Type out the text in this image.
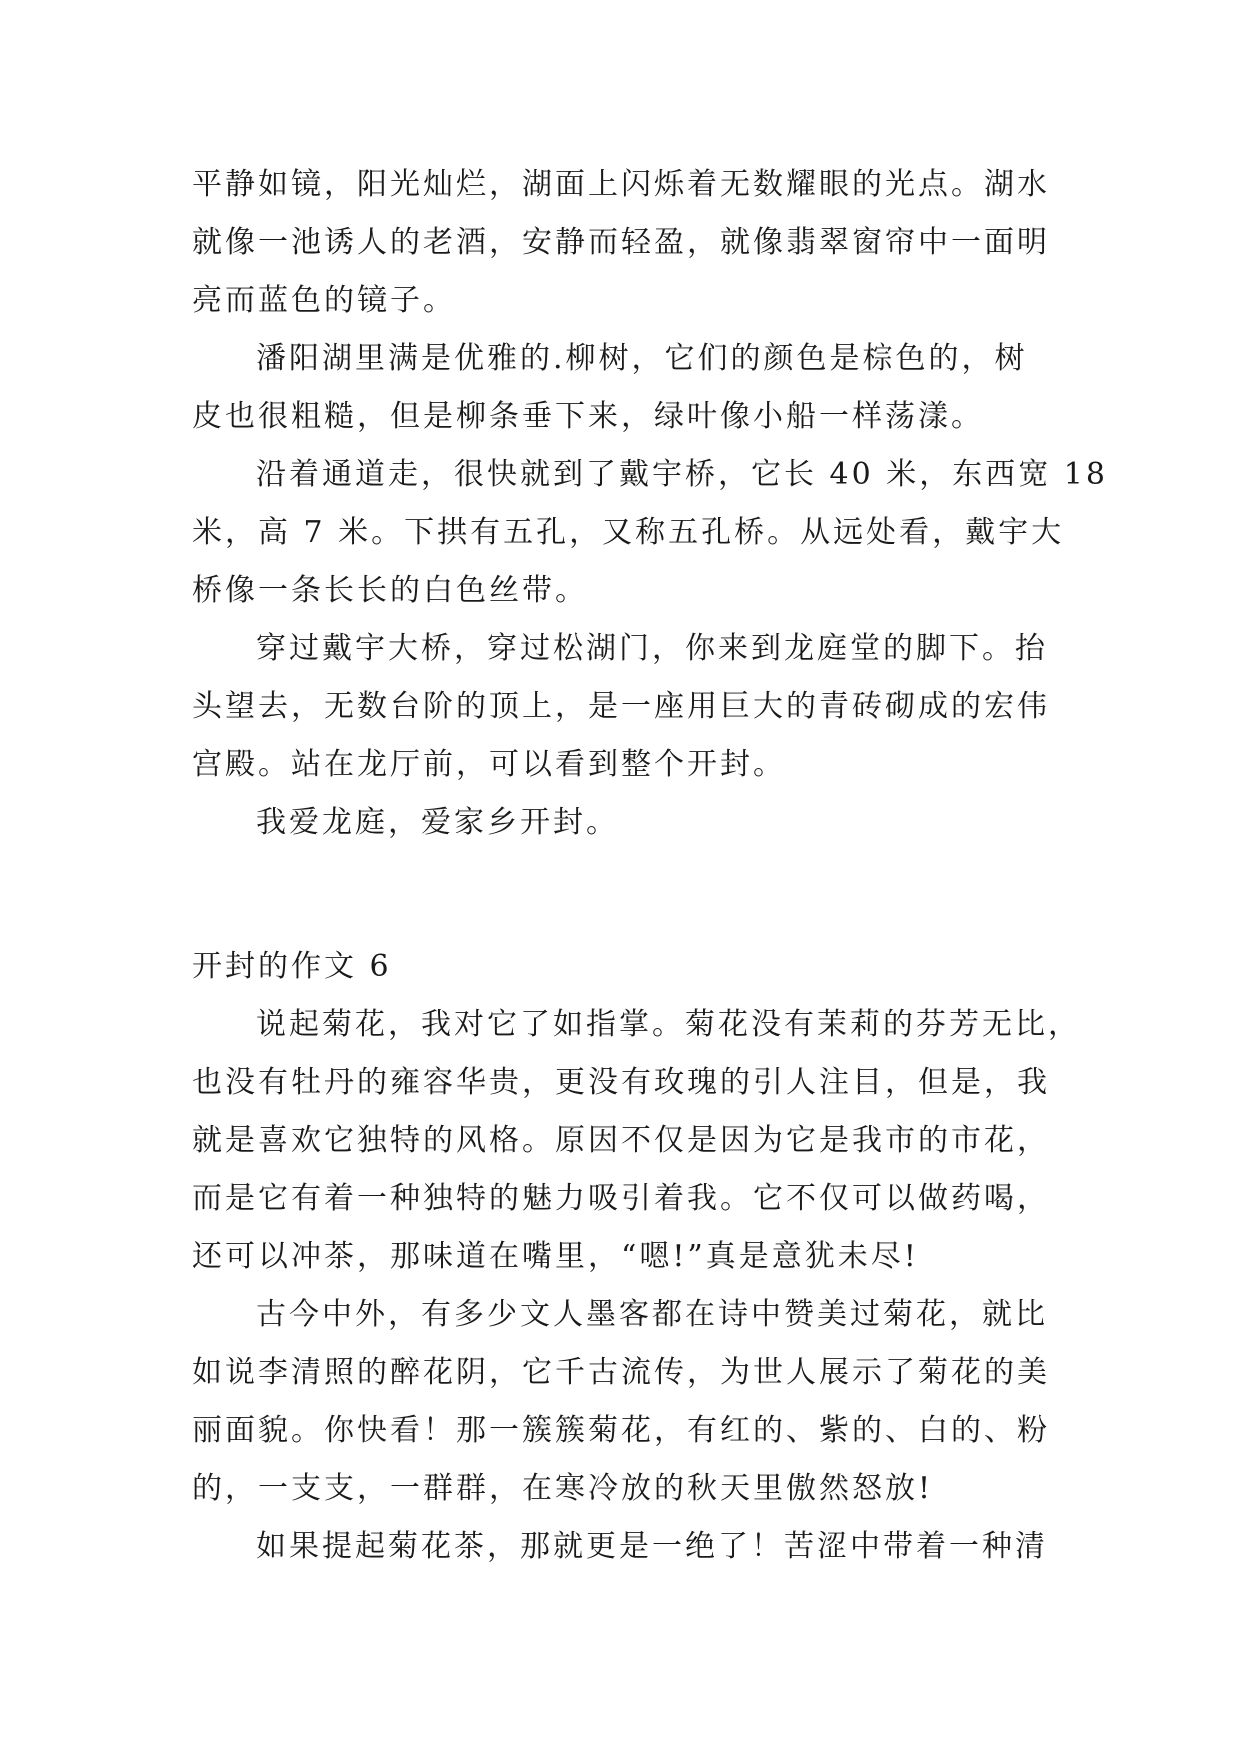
平静如镜，阳光灿烂，湖面上闪烁着无数耀眼的光点。湖水
就像一池诱人的老酒，安静而轻盈，就像翡翠窗帘中一面明
亮而蓝色的镜子。
潘阳湖里满是优雅的.柳树，它们的颜色是棕色的，树
皮也很粗糙，但是柳条垂下来，绿叶像小船一样荡漾。
沿着通道走，很快就到了戴宇桥，它长 40 米，东西宽 18
米，高 7 米。下拱有五孔，又称五孔桥。从远处看，戴宇大
桥像一条长长的白色丝带。
穿过戴宇大桥，穿过松湖门，你来到龙庭堂的脚下。抬
头望去，无数台阶的顶上，是一座用巨大的青砖砌成的宏伟
宫殿。站在龙厅前，可以看到整个开封。
我爱龙庭，爱家乡开封。
开封的作文 6
说起菊花，我对它了如指掌。菊花没有茉莉的芬芳无比，
也没有牡丹的雍容华贵，更没有玫瑰的引人注目，但是，我
就是喜欢它独特的风格。原因不仅是因为它是我市的市花，
而是它有着一种独特的魅力吸引着我。它不仅可以做药喝，
还可以冲茶，那味道在嘴里，“嗯!”真是意犹未尽!
古今中外，有多少文人墨客都在诗中赞美过菊花，就比
如说李清照的醉花阴，它千古流传，为世人展示了菊花的美
丽面貌。你快看！那一簇簇菊花，有红的、紫的、白的、粉
的，一支支，一群群，在寒冷放的秋天里傲然怒放!
如果提起菊花茶，那就更是一绝了！苦涩中带着一种清
